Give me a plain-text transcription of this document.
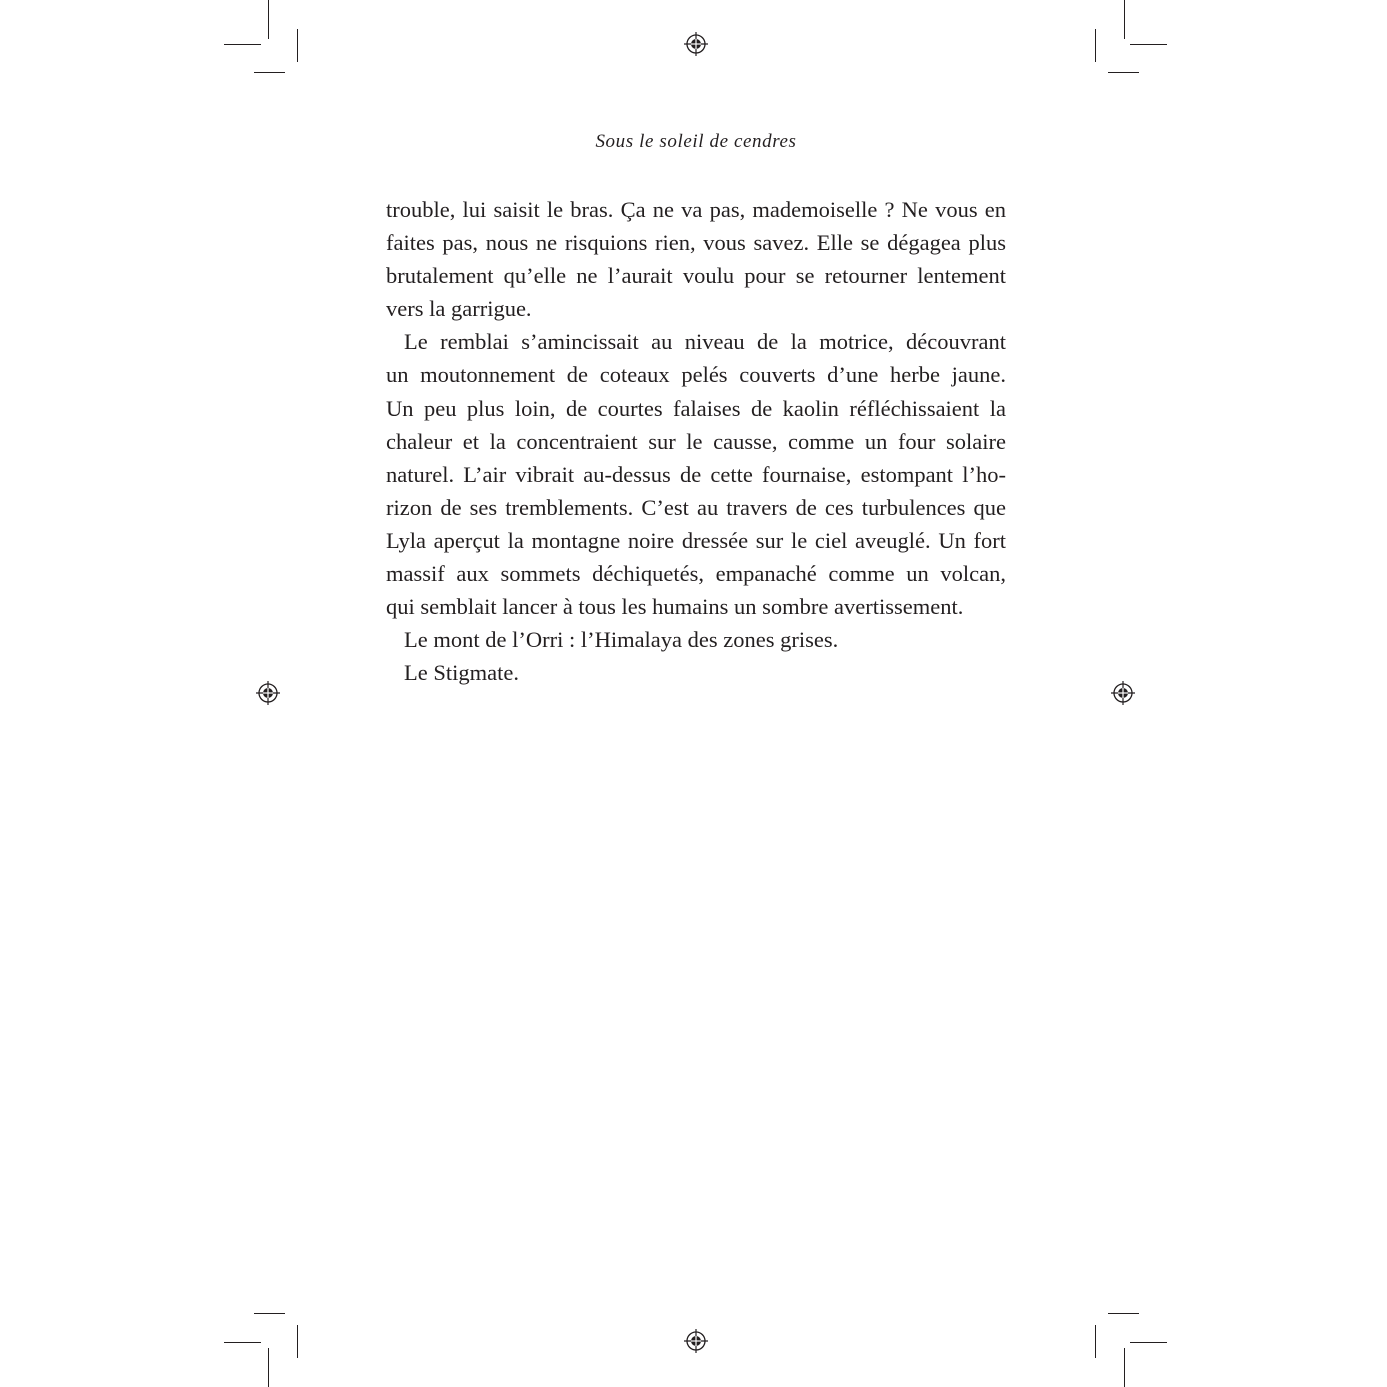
Sous le soleil de cendres
trouble, lui saisit le bras. Ça ne va pas, mademoiselle ? Ne vous en
faites pas, nous ne risquions rien, vous savez. Elle se dégagea plus
brutalement qu’elle ne l’aurait voulu pour se retourner lentement
vers la garrigue.
Le remblai s’amincissait au niveau de la motrice, découvrant
un moutonnement de coteaux pelés couverts d’une herbe jaune.
Un peu plus loin, de courtes falaises de kaolin réfléchissaient la
chaleur et la concentraient sur le causse, comme un four solaire
naturel. L’air vibrait au-dessus de cette fournaise, estompant l’ho-
rizon de ses tremblements. C’est au travers de ces turbulences que
Lyla aperçut la montagne noire dressée sur le ciel aveuglé. Un fort
massif aux sommets déchiquetés, empanaché comme un volcan,
qui semblait lancer à tous les humains un sombre avertissement.
Le mont de l’Orri : l’Himalaya des zones grises.
Le Stigmate.
